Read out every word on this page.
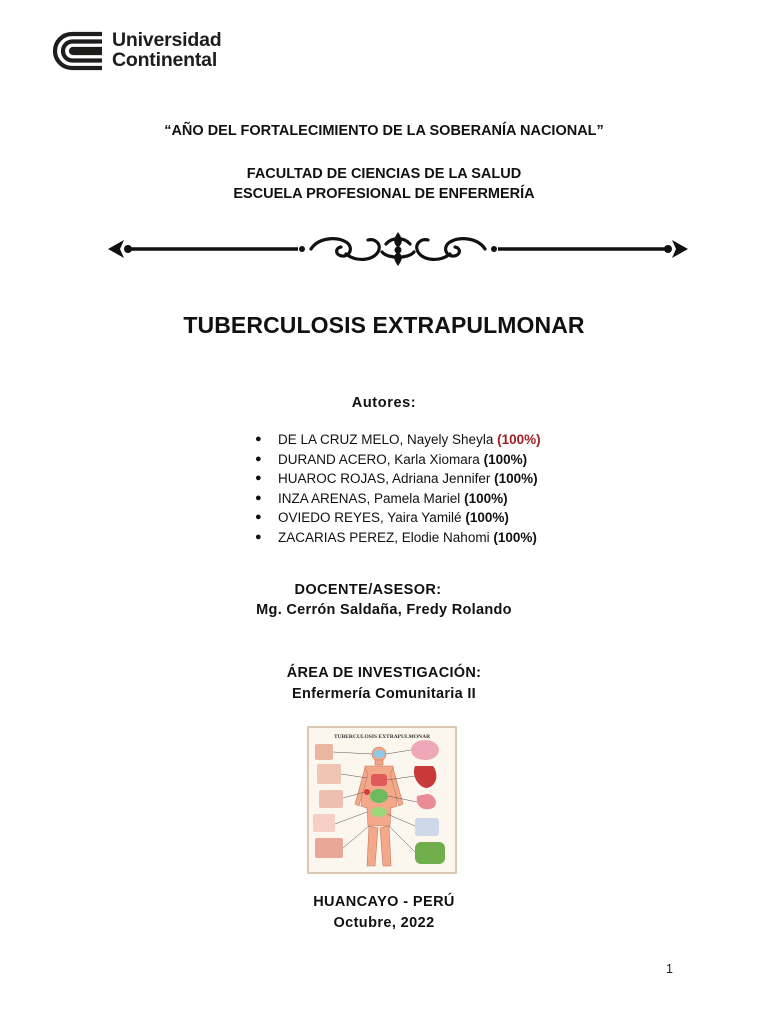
Universidad
Continental
“AÑO DEL FORTALECIMIENTO DE LA SOBERANÍA NACIONAL”
FACULTAD DE CIENCIAS DE LA SALUD
ESCUELA PROFESIONAL DE ENFERMERÍA
TUBERCULOSIS EXTRAPULMONAR
Autores:
● DE LA CRUZ MELO, Nayely Sheyla (100%)
● DURAND ACERO, Karla Xiomara (100%)
● HUAROC ROJAS, Adriana Jennifer (100%)
● INZA ARENAS, Pamela Mariel (100%)
● OVIEDO REYES, Yaira Yamilé (100%)
● ZACARIAS PEREZ, Elodie Nahomi (100%)
DOCENTE/ASESOR:
Mg. Cerrón Saldaña, Fredy Rolando
ÁREA DE INVESTIGACIÓN:
Enfermería Comunitaria II
TUBERCULOSIS EXTRAPULMONAR
HUANCAYO - PERÚ
Octubre, 2022
1
